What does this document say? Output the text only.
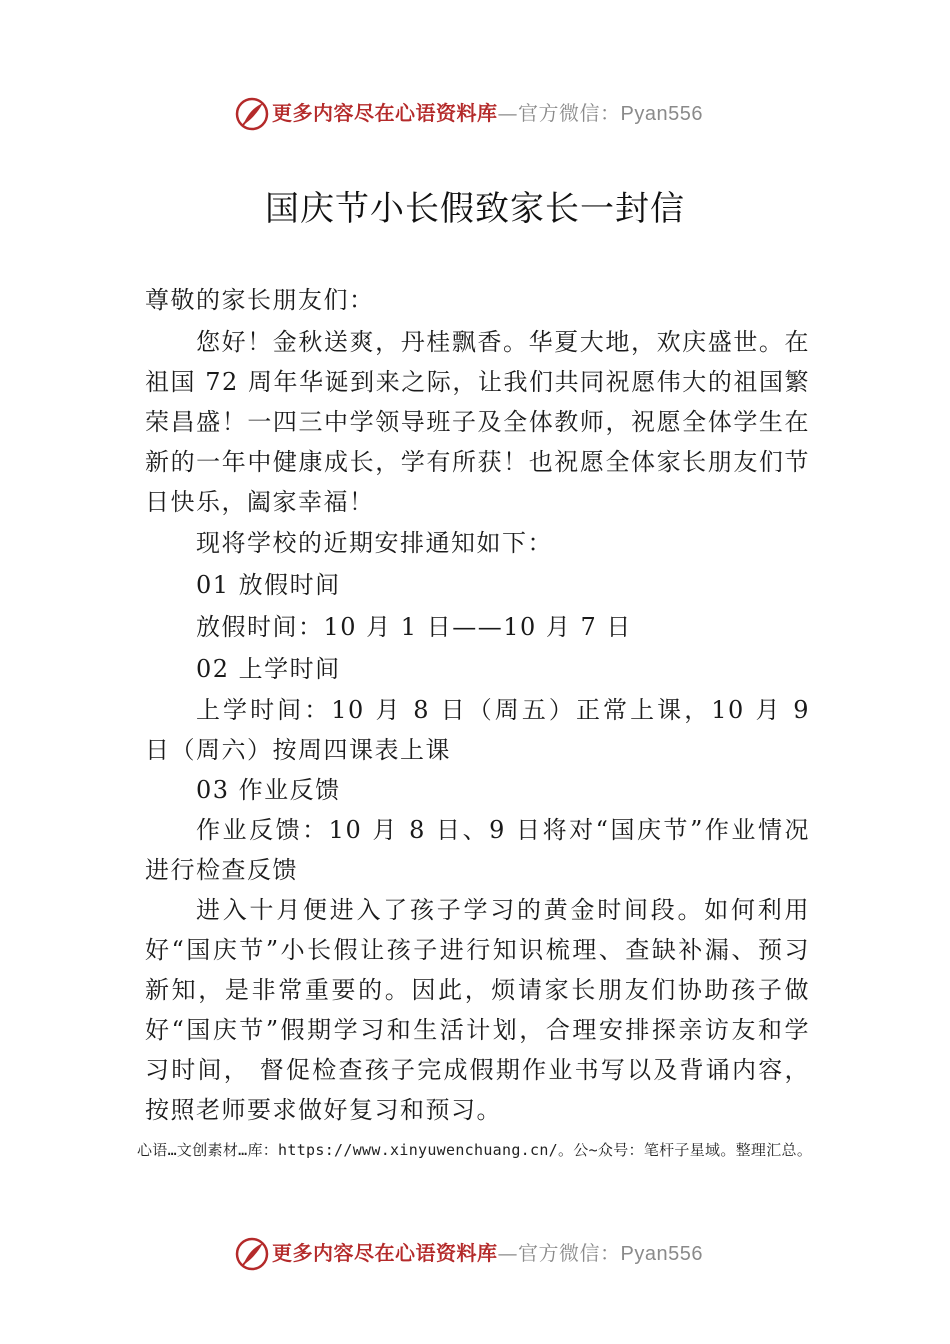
更多内容尽在心语资料库—官方微信：Pyan556
国庆节小长假致家长一封信

尊敬的家长朋友们：

您好！金秋送爽，丹桂飘香。华夏大地，欢庆盛世。在祖国 72 周年华诞到来之际，让我们共同祝愿伟大的祖国繁荣昌盛！一四三中学领导班子及全体教师，祝愿全体学生在新的一年中健康成长，学有所获！也祝愿全体家长朋友们节日快乐，阖家幸福！

现将学校的近期安排通知如下：

01 放假时间

放假时间：10 月 1 日——10 月 7 日

02 上学时间

上学时间：10 月 8 日（周五）正常上课，10 月 9 日（周六）按周四课表上课

03 作业反馈

作业反馈：10 月 8 日、9 日将对“国庆节”作业情况进行检查反馈

进入十月便进入了孩子学习的黄金时间段。如何利用好“国庆节”小长假让孩子进行知识梳理、查缺补漏、预习新知，是非常重要的。因此，烦请家长朋友们协助孩子做好“国庆节”假期学习和生活计划，合理安排探亲访友和学习时间， 督促检查孩子完成假期作业书写以及背诵内容，按照老师要求做好复习和预习。

心语…文创素材…库：https://www.xinyuwenchuang.cn/。公~众号：笔杆子星域。整理汇总。
更多内容尽在心语资料库—官方微信：Pyan556
